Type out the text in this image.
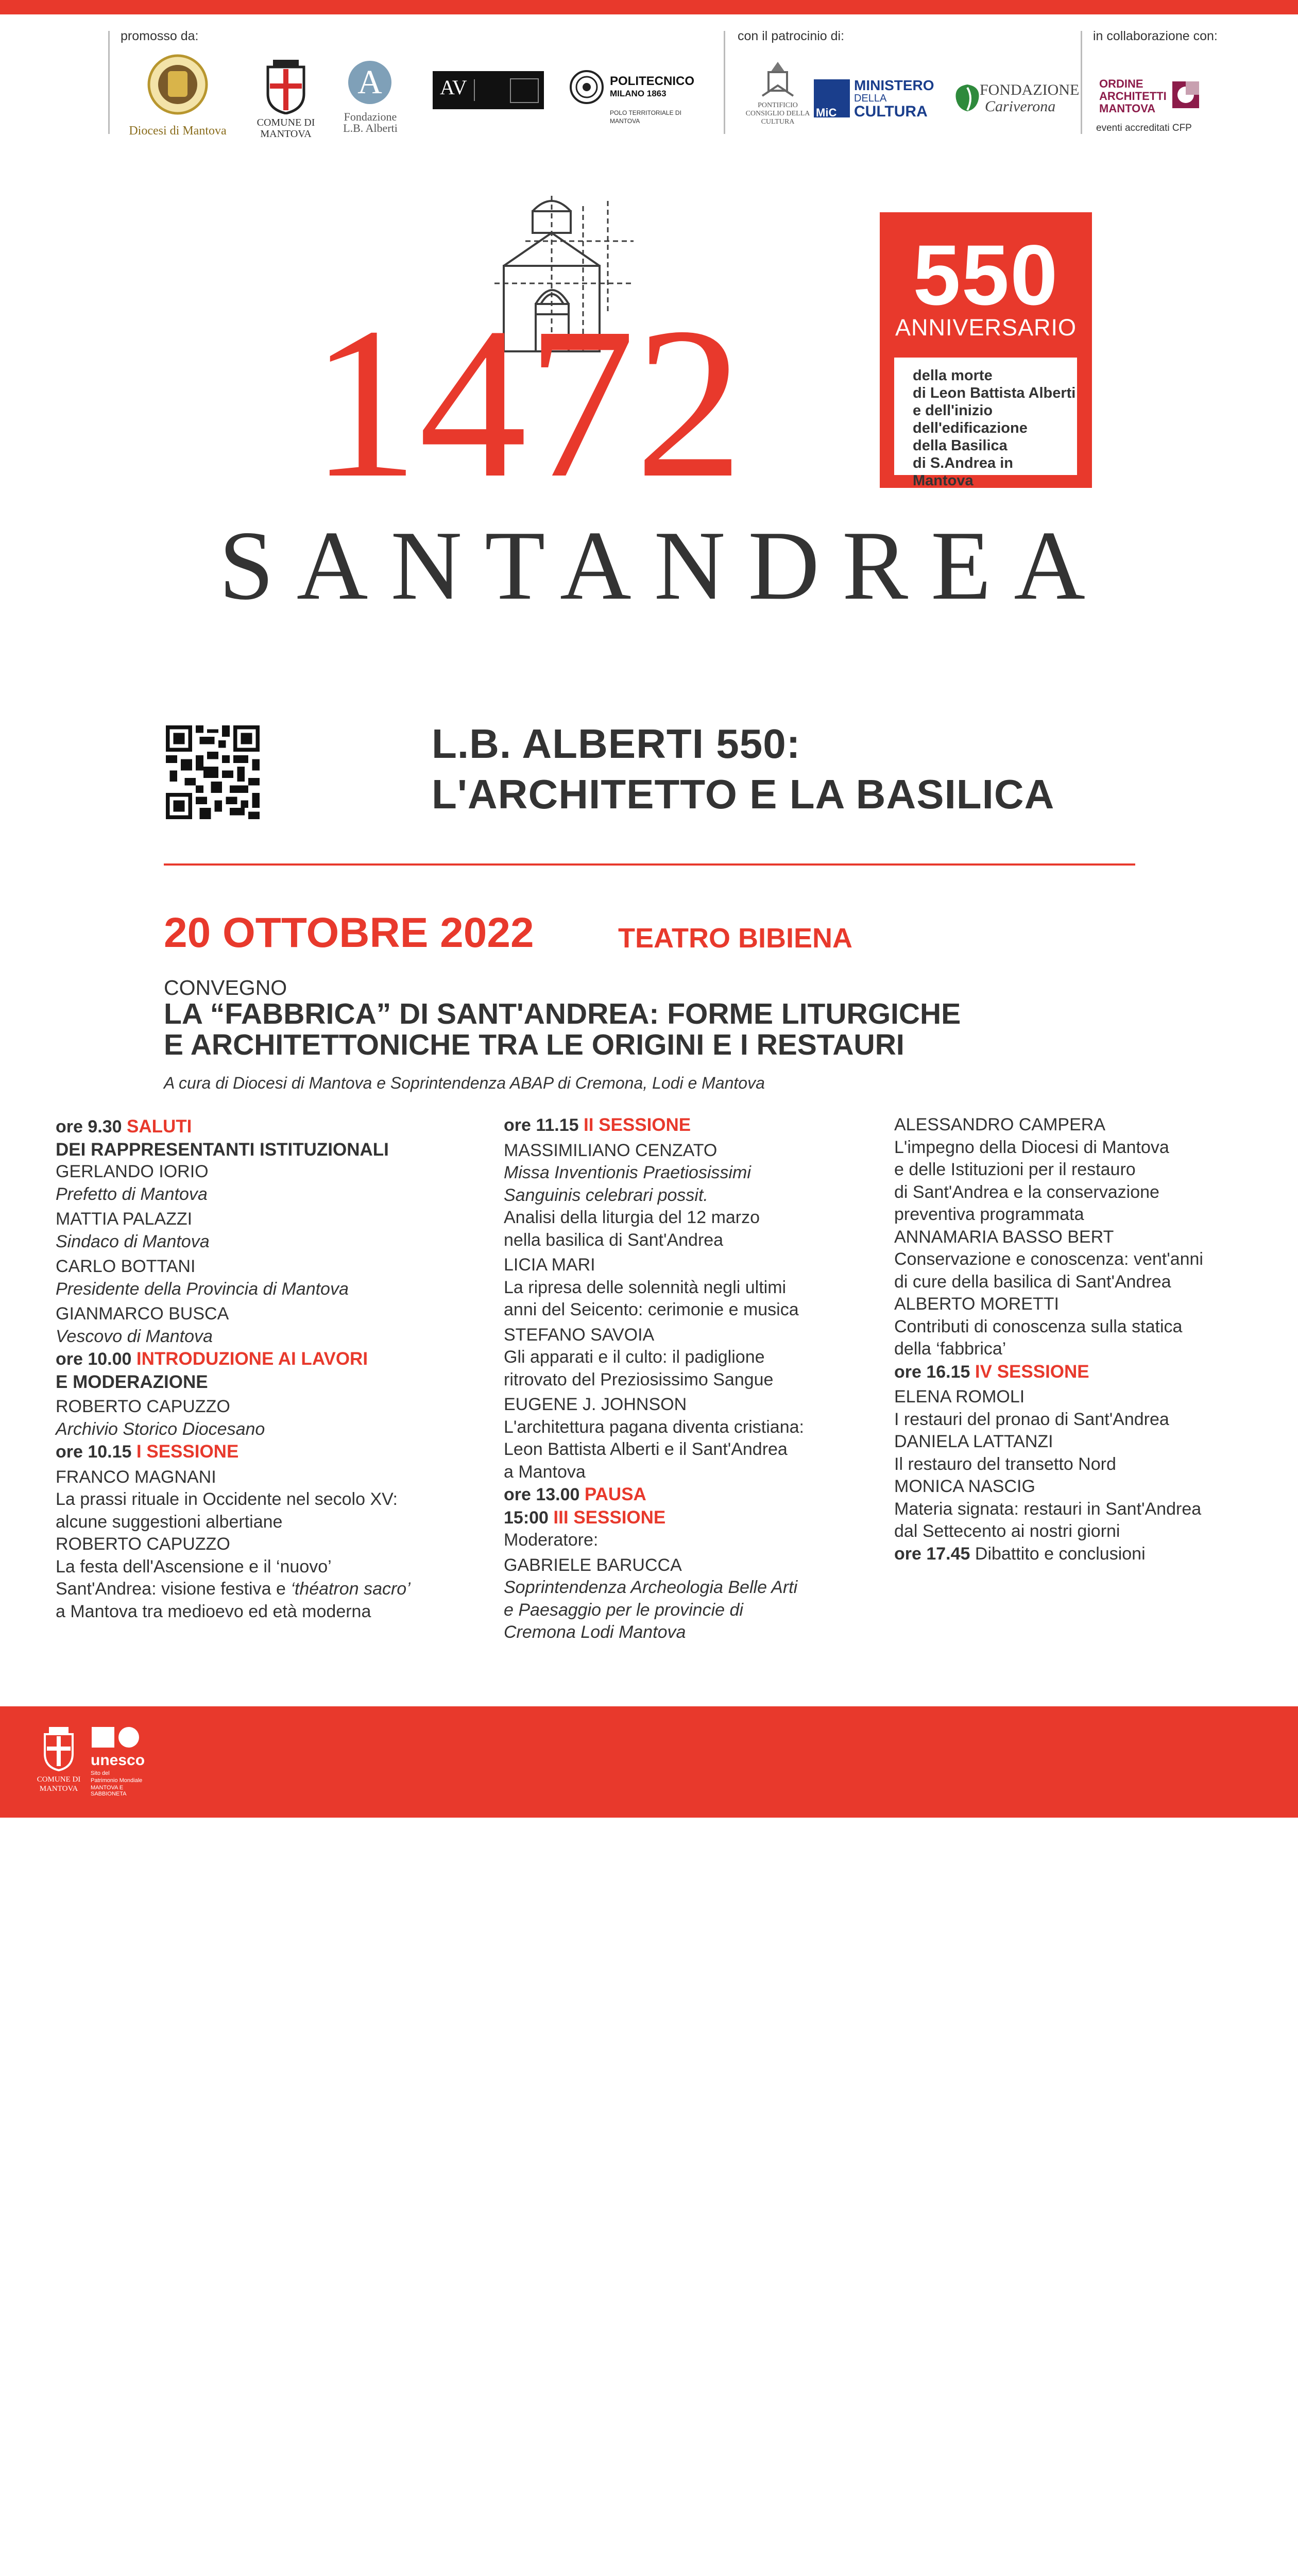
promosso da:	con il patrocinio di:	in collaborazione con:
Diocesi di Mantova
COMUNE DI
MANTOVA
A
Fondazione
L.B. Alberti
AV	POLITECNICO
MILANO 1863
POLO TERRITORIALE DI
MANTOVA
PONTIFICIO
CONSIGLIO DELLA
CULTURA
MiC
MINISTERO
DELLA
CULTURA
FONDAZIONE
Cariverona
ORDINE
ARCHITETTI
MANTOVA
eventi accreditati CFP
1472
SANTANDREA
550
ANNIVERSARIO
della morte
di Leon Battista Alberti
e dell'inizio
dell'edificazione
della Basilica
di S.Andrea in Mantova
L.B. ALBERTI 550:
L'ARCHITETTO E LA BASILICA
20 OTTOBRE 2022	TEATRO BIBIENA
CONVEGNO
LA “FABBRICA” DI SANT'ANDREA: FORME LITURGICHE
E ARCHITETTONICHE TRA LE ORIGINI E I RESTAURI
A cura di Diocesi di Mantova e Soprintendenza ABAP di Cremona, Lodi e Mantova
ore 9.30 SALUTI
DEI RAPPRESENTANTI ISTITUZIONALI
GERLANDO IORIO
Prefetto di Mantova
MATTIA PALAZZI
Sindaco di Mantova
CARLO BOTTANI
Presidente della Provincia di Mantova
GIANMARCO BUSCA
Vescovo di Mantova
ore 10.00 INTRODUZIONE AI LAVORI
E MODERAZIONE
ROBERTO CAPUZZO
Archivio Storico Diocesano
ore 10.15 I SESSIONE
FRANCO MAGNANI
La prassi rituale in Occidente nel secolo XV:
alcune suggestioni albertiane
ROBERTO CAPUZZO
La festa dell'Ascensione e il ‘nuovo’
Sant'Andrea: visione festiva e ‘théatron sacro’
a Mantova tra medioevo ed età moderna
ore 11.15 II SESSIONE
MASSIMILIANO CENZATO
Missa Inventionis Praetiosissimi
Sanguinis celebrari possit.
Analisi della liturgia del 12 marzo
nella basilica di Sant'Andrea
LICIA MARI
La ripresa delle solennità negli ultimi
anni del Seicento: cerimonie e musica
STEFANO SAVOIA
Gli apparati e il culto: il padiglione
ritrovato del Preziosissimo Sangue
EUGENE J. JOHNSON
L'architettura pagana diventa cristiana:
Leon Battista Alberti e il Sant'Andrea
a Mantova
ore 13.00 PAUSA
15:00 III SESSIONE
Moderatore:
GABRIELE BARUCCA
Soprintendenza Archeologia Belle Arti
e Paesaggio per le provincie di
Cremona Lodi Mantova
ALESSANDRO CAMPERA
L'impegno della Diocesi di Mantova
e delle Istituzioni per il restauro
di Sant'Andrea e la conservazione
preventiva programmata
ANNAMARIA BASSO BERT
Conservazione e conoscenza: vent'anni
di cure della basilica di Sant'Andrea
ALBERTO MORETTI
Contributi di conoscenza sulla statica
della ‘fabbrica’
ore 16.15 IV SESSIONE
ELENA ROMOLI
I restauri del pronao di Sant'Andrea
DANIELA LATTANZI
Il restauro del transetto Nord
MONICA NASCIG
Materia signata: restauri in Sant'Andrea
dal Settecento ai nostri giorni
ore 17.45 Dibattito e conclusioni
COMUNE DI
MANTOVA
unesco
Sito del
Patrimonio Mondiale
MANTOVA E SABBIONETA
